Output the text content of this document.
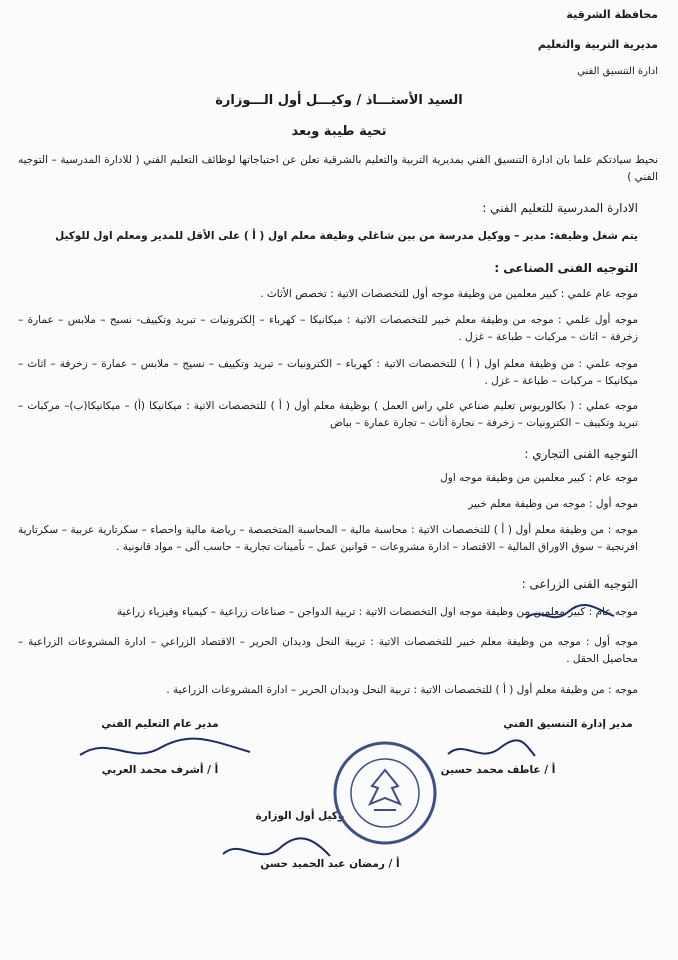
محافظة الشرقية
مديرية التربية والتعليم
ادارة التنسيق الفني
السيد الأستـــاذ / وكيـــل أول الـــوزارة
تحية طيبة وبعد
نحيط سيادتكم علما بان ادارة التنسيق الفني بمديرية التربية والتعليم بالشرقية تعلن عن احتياجاتها لوظائف التعليم الفني ( للادارة المدرسية – التوجيه الفني )
الادارة المدرسية للتعليم الفني :
يتم شغل وظيفة: مدير – ووكيل مدرسة من بين شاغلي وظيفة معلم اول ( أ ) على الأقل للمدير ومعلم اول للوكيل
التوجيه الفنى الصناعى :
موجه عام علمي : كبير معلمين من وظيفة موجه أول للتخصصات الاتية : تخصص الأثاث .
موجه أول علمي : موجه من وظيفة معلم خبير للتخصصات الاتية : ميكانيكا – كهرباء – إلكترونيات – تبريد وتكييف- نسيج – ملابس – عمارة – زخرفة – اثاث – مركبات – طباعة – غزل .
موجه علمي : من وظيفة معلم اول ( أ ) للتخصصات الاتية : كهرباء – الكترونيات – تبريد وتكييف – نسيج – ملابس – عمارة – زخرفة – اثاث – ميكانيكا – مركبات – طباعة – غزل .
موجه عملي : ( بكالوريوس تعليم صناعي علي راس العمل ) بوظيفة معلم أول ( أ ) للتخصصات الاتية : ميكانيكا (أ) – ميكانيكا(ب)– مركبات – تبريد وتكييف – الكترونيات – زخرفة – نجارة أثاث – تجارة عمارة – بياض
التوجيه الفنى التجاري :
موجه عام : كبير معلمين من وظيفة موجه اول
موجه أول : موجه من وظيفة معلم خبير
موجه : من وظيفة معلم أول ( أ ) للتخصصات الاتية : محاسبة مالية – المحاسبة المتخصصة – رياضة مالية واحصاء – سكرتارية عربية – سكرتارية افرنجية – سوق الاوراق المالية – الاقتصاد – ادارة مشروعات – قوانين عمل – تأمينات تجارية – حاسب آلى – مواد قانونية .
التوجيه الفنى الزراعى :
موجه عام : كبير معلمين من وظيفة موجه اول التخصصات الاتية : تربية الدواجن – صناعات زراعية – كيمياء وفيزياء زراعية
موجه أول : موجه من وظيفة معلم خبير للتخصصات الاتية : تربية النحل وديدان الحرير – الاقتصاد الزراعي – ادارة المشروعات الزراعية – محاصيل الحقل .
موجه : من وظيفة معلم أول ( أ ) للتخصصات الاتية : تربية النحل وديدان الحرير – ادارة المشروعات الزراعية .
مدير إدارة التنسيق الفني
أ / عاطف محمد حسين
مدير عام التعليم الفني
أ / أشرف محمد العربي
وكيل أول الوزارة
أ / رمضان عبد الحميد حسن
